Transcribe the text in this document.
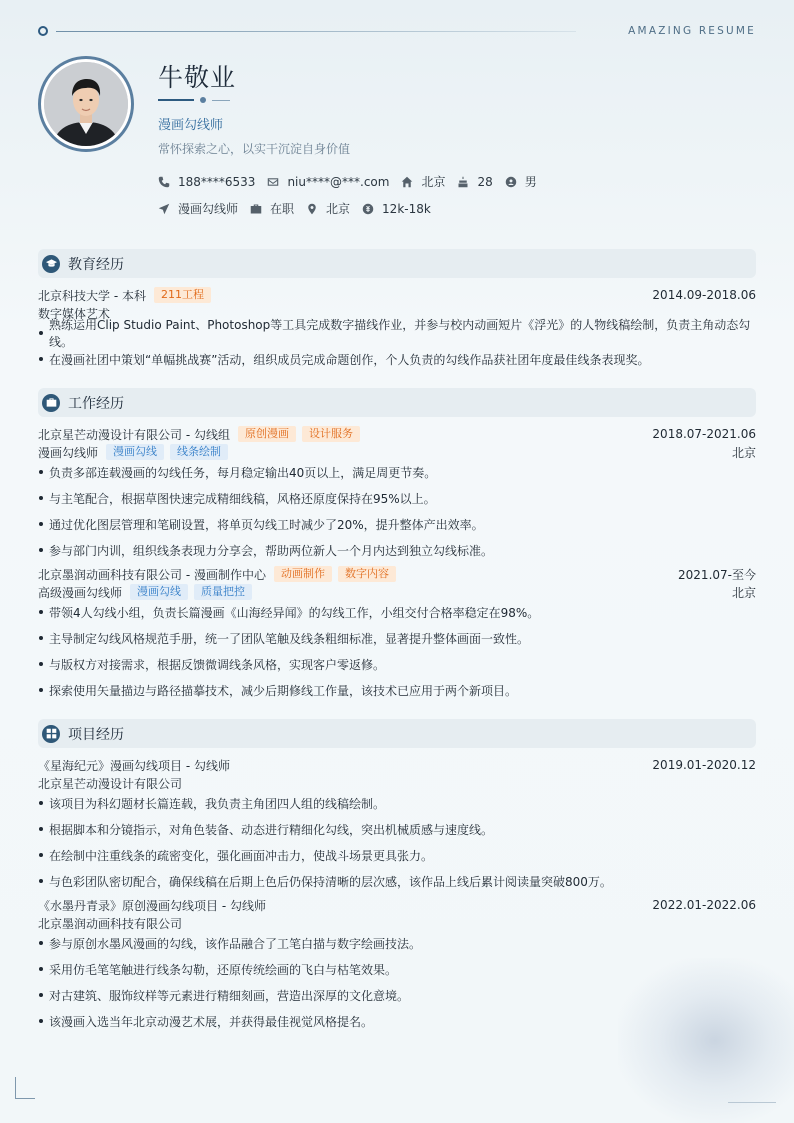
AMAZING RESUME
牛敬业
漫画勾线师
常怀探索之心，以实干沉淀自身价值
188****6533	niu****@***.com	北京	28	男
漫画勾线师	在职	北京	12k-18k
教育经历
北京科技大学 - 本科	211工程	2014.09-2018.06
数字媒体艺术
熟练运用Clip Studio Paint、Photoshop等工具完成数字描线作业，并参与校内动画短片《浮光》的人物线稿绘制，负责主角动态勾线。
在漫画社团中策划“单幅挑战赛”活动，组织成员完成命题创作，个人负责的勾线作品获社团年度最佳线条表现奖。
工作经历
北京星芒动漫设计有限公司 - 勾线组	原创漫画	设计服务	2018.07-2021.06
漫画勾线师	漫画勾线	线条绘制	北京
负责多部连载漫画的勾线任务，每月稳定输出40页以上，满足周更节奏。
与主笔配合，根据草图快速完成精细线稿，风格还原度保持在95%以上。
通过优化图层管理和笔刷设置，将单页勾线工时减少了20%，提升整体产出效率。
参与部门内训，组织线条表现力分享会，帮助两位新人一个月内达到独立勾线标准。
北京墨润动画科技有限公司 - 漫画制作中心	动画制作	数字内容	2021.07-至今
高级漫画勾线师	漫画勾线	质量把控	北京
带领4人勾线小组，负责长篇漫画《山海经异闻》的勾线工作，小组交付合格率稳定在98%。
主导制定勾线风格规范手册，统一了团队笔触及线条粗细标准，显著提升整体画面一致性。
与版权方对接需求，根据反馈微调线条风格，实现客户零返修。
探索使用矢量描边与路径描摹技术，减少后期修线工作量，该技术已应用于两个新项目。
项目经历
《星海纪元》漫画勾线项目 - 勾线师	2019.01-2020.12
北京星芒动漫设计有限公司
该项目为科幻题材长篇连载，我负责主角团四人组的线稿绘制。
根据脚本和分镜指示，对角色装备、动态进行精细化勾线，突出机械质感与速度线。
在绘制中注重线条的疏密变化，强化画面冲击力，使战斗场景更具张力。
与色彩团队密切配合，确保线稿在后期上色后仍保持清晰的层次感，该作品上线后累计阅读量突破800万。
《水墨丹青录》原创漫画勾线项目 - 勾线师	2022.01-2022.06
北京墨润动画科技有限公司
参与原创水墨风漫画的勾线，该作品融合了工笔白描与数字绘画技法。
采用仿毛笔笔触进行线条勾勒，还原传统绘画的飞白与枯笔效果。
对古建筑、服饰纹样等元素进行精细刻画，营造出深厚的文化意境。
该漫画入选当年北京动漫艺术展，并获得最佳视觉风格提名。
